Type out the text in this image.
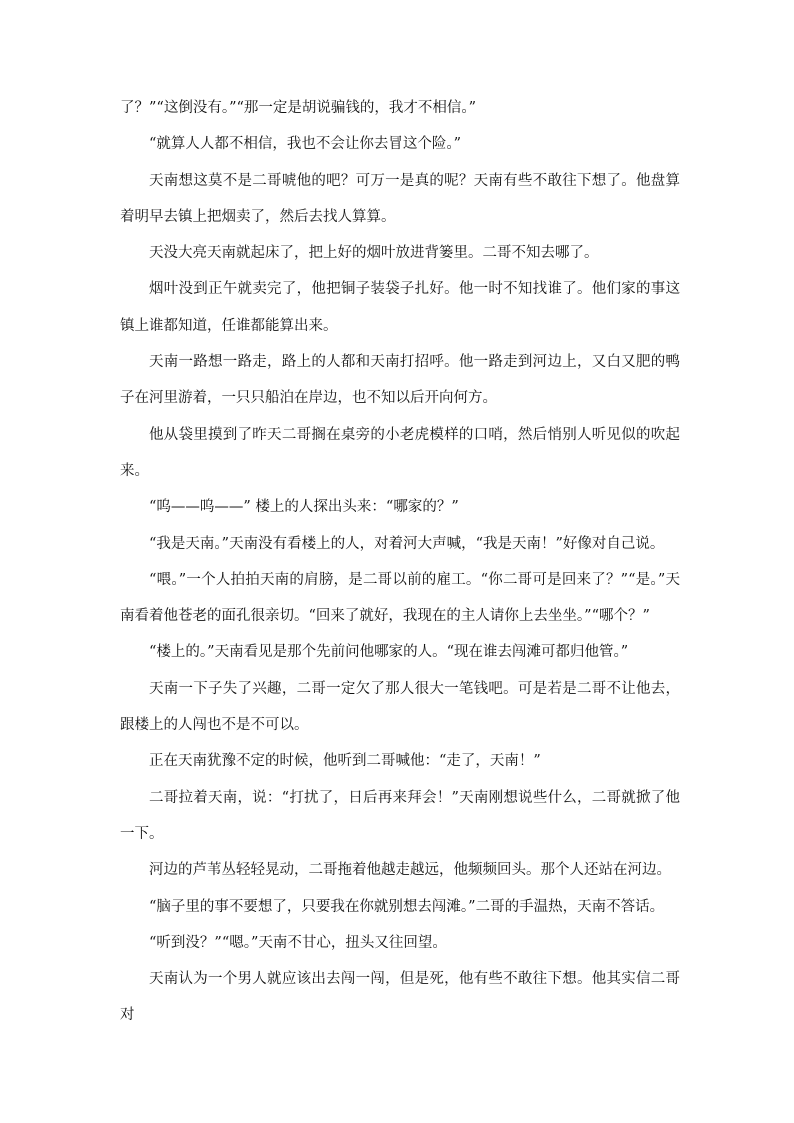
了？”“这倒没有。”“那一定是胡说骗钱的，我才不相信。”

“就算人人都不相信，我也不会让你去冒这个险。”

天南想这莫不是二哥唬他的吧？可万一是真的呢？天南有些不敢往下想了。他盘算着明早去镇上把烟卖了，然后去找人算算。

天没大亮天南就起床了，把上好的烟叶放进背篓里。二哥不知去哪了。

烟叶没到正午就卖完了，他把铜子装袋子扎好。他一时不知找谁了。他们家的事这镇上谁都知道，任谁都能算出来。

天南一路想一路走，路上的人都和天南打招呼。他一路走到河边上，又白又肥的鸭子在河里游着，一只只船泊在岸边，也不知以后开向何方。

他从袋里摸到了昨天二哥搁在桌旁的小老虎模样的口哨，然后悄别人听见似的吹起来。

“呜——呜——” 楼上的人探出头来：“哪家的？”

“我是天南。”天南没有看楼上的人，对着河大声喊，“我是天南！”好像对自己说。

“喂。”一个人拍拍天南的肩膀，是二哥以前的雇工。“你二哥可是回来了？”“是。”天南看着他苍老的面孔很亲切。“回来了就好，我现在的主人请你上去坐坐。”“哪个？”

“楼上的。”天南看见是那个先前问他哪家的人。“现在谁去闯滩可都归他管。”

天南一下子失了兴趣，二哥一定欠了那人很大一笔钱吧。可是若是二哥不让他去，跟楼上的人闯也不是不可以。

正在天南犹豫不定的时候，他听到二哥喊他：“走了，天南！”

二哥拉着天南，说：“打扰了，日后再来拜会！”天南刚想说些什么，二哥就掀了他一下。

河边的芦苇丛轻轻晃动，二哥拖着他越走越远，他频频回头。那个人还站在河边。

“脑子里的事不要想了，只要我在你就别想去闯滩。”二哥的手温热，天南不答话。

“听到没？”“嗯。”天南不甘心，扭头又往回望。

天南认为一个男人就应该出去闯一闯，但是死，他有些不敢往下想。他其实信二哥对
